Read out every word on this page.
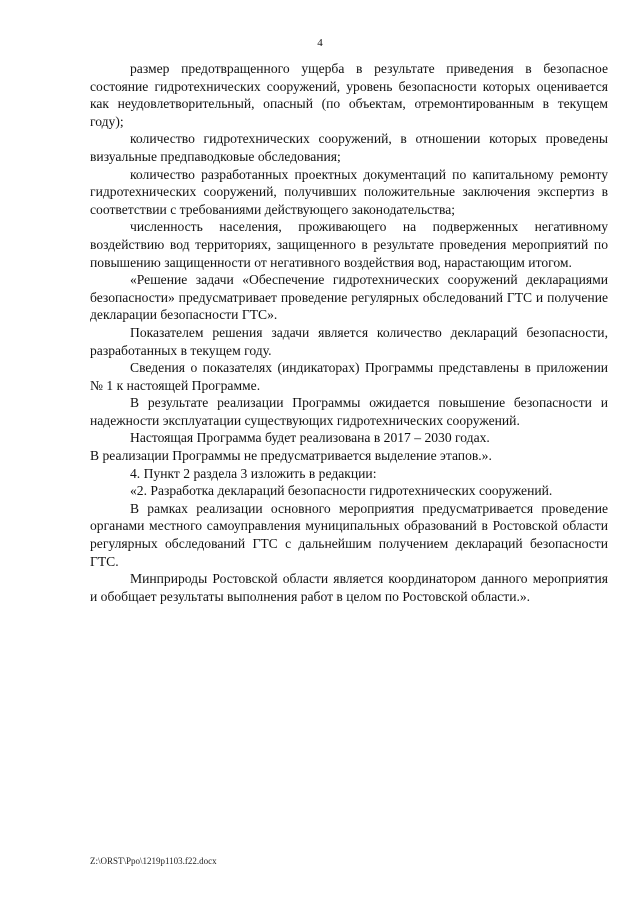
4

размер предотвращенного ущерба в результате приведения в безопасное состояние гидротехнических сооружений, уровень безопасности которых оценивается как неудовлетворительный, опасный (по объектам, отремонтированным в текущем году);

количество гидротехнических сооружений, в отношении которых проведены визуальные предпаводковые обследования;

количество разработанных проектных документаций по капитальному ремонту гидротехнических сооружений, получивших положительные заключения экспертиз в соответствии с требованиями действующего законодательства;

численность населения, проживающего на подверженных негативному воздействию вод территориях, защищенного в результате проведения мероприятий по повышению защищенности от негативного воздействия вод, нарастающим итогом.

«Решение задачи «Обеспечение гидротехнических сооружений декларациями безопасности» предусматривает проведение регулярных обследований ГТС и получение декларации безопасности ГТС».

Показателем решения задачи является количество деклараций безопасности, разработанных в текущем году.

Сведения о показателях (индикаторах) Программы представлены в приложении № 1 к настоящей Программе.

В результате реализации Программы ожидается повышение безопасности и надежности эксплуатации существующих гидротехнических сооружений.

Настоящая Программа будет реализована в 2017 – 2030 годах.
В реализации Программы не предусматривается выделение этапов.».

4. Пункт 2 раздела 3 изложить в редакции:

«2. Разработка деклараций безопасности гидротехнических сооружений.

В рамках реализации основного мероприятия предусматривается проведение органами местного самоуправления муниципальных образований в Ростовской области регулярных обследований ГТС с дальнейшим получением деклараций безопасности ГТС.

Минприроды Ростовской области является координатором данного мероприятия и обобщает результаты выполнения работ в целом по Ростовской области.».

Z:\ORST\Ppo\1219p1103.f22.docx
